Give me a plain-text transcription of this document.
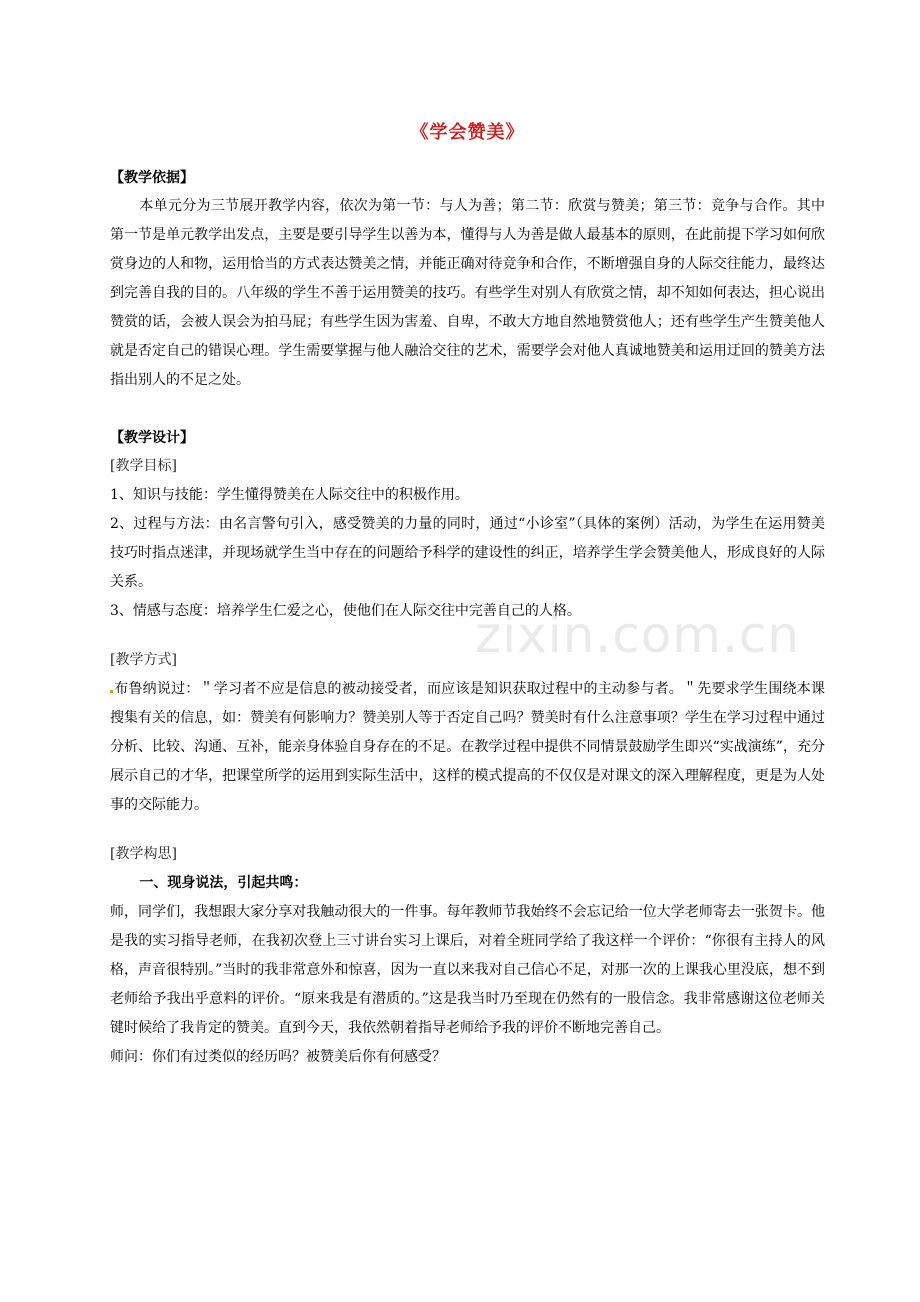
zixin.com.cn
《学会赞美》
【教学依据】

本单元分为三节展开教学内容，依次为第一节：与人为善；第二节：欣赏与赞美；第三节：竞争与合作。其中第一节是单元教学出发点，主要是要引导学生以善为本，懂得与人为善是做人最基本的原则，在此前提下学习如何欣赏身边的人和物，运用恰当的方式表达赞美之情，并能正确对待竞争和合作，不断增强自身的人际交往能力，最终达到完善自我的目的。八年级的学生不善于运用赞美的技巧。有些学生对别人有欣赏之情，却不知如何表达，担心说出赞赏的话，会被人误会为拍马屁；有些学生因为害羞、自卑，不敢大方地自然地赞赏他人；还有些学生产生赞美他人就是否定自己的错误心理。学生需要掌握与他人融洽交往的艺术，需要学会对他人真诚地赞美和运用迂回的赞美方法指出别人的不足之处。

【教学设计】
[教学目标]

1、知识与技能：学生懂得赞美在人际交往中的积极作用。

2、过程与方法：由名言警句引入，感受赞美的力量的同时，通过“小诊室”（具体的案例）活动，为学生在运用赞美技巧时指点迷津，并现场就学生当中存在的问题给予科学的建设性的纠正，培养学生学会赞美他人，形成良好的人际关系。

3、情感与态度：培养学生仁爱之心，使他们在人际交往中完善自己的人格。

[教学方式]

布鲁纳说过：＂学习者不应是信息的被动接受者，而应该是知识获取过程中的主动参与者。＂先要求学生围绕本课搜集有关的信息，如：赞美有何影响力？赞美别人等于否定自己吗？赞美时有什么注意事项？学生在学习过程中通过分析、比较、沟通、互补，能亲身体验自身存在的不足。在教学过程中提供不同情景鼓励学生即兴“实战演练”，充分展示自己的才华，把课堂所学的运用到实际生活中，这样的模式提高的不仅仅是对课文的深入理解程度，更是为人处事的交际能力。

[教学构思]
一、现身说法，引起共鸣：

师，同学们，我想跟大家分享对我触动很大的一件事。每年教师节我始终不会忘记给一位大学老师寄去一张贺卡。他是我的实习指导老师，在我初次登上三寸讲台实习上课后，对着全班同学给了我这样一个评价：“你很有主持人的风格，声音很特别。”当时的我非常意外和惊喜，因为一直以来我对自己信心不足，对那一次的上课我心里没底，想不到老师给予我出乎意料的评价。“原来我是有潜质的。”这是我当时乃至现在仍然有的一股信念。我非常感谢这位老师关键时候给了我肯定的赞美。直到今天，我依然朝着指导老师给予我的评价不断地完善自己。

师问：你们有过类似的经历吗？被赞美后你有何感受？
